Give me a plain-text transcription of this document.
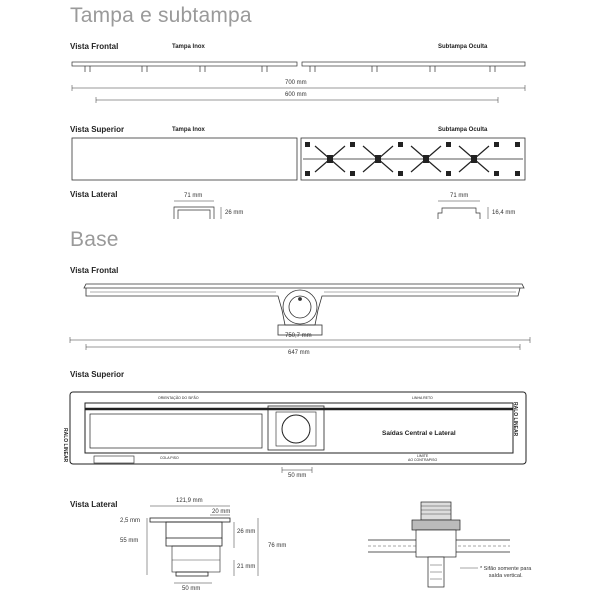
Tampa e subtampa
Base
Vista Frontal	Tampa Inox	Subtampa Oculta
700 mm
600 mm
Vista Superior	Tampa Inox	Subtampa Oculta
Vista Lateral	71 mm
26 mm
71 mm
16,4 mm
Vista Frontal
750,7 mm
647 mm
Vista Superior
Saídas Central e Lateral
RALO LINEAR
RALO LINEAR
ORIENTAÇÃO DO SIFÃO	LINHA RETO
COLA PISO	LIMITE
AO CONTRAPISO
50 mm
Vista Lateral	121,9 mm
20 mm
2,5 mm
55 mm
26 mm
76 mm
21 mm
50 mm
* Sifão somente para
saída vertical.
